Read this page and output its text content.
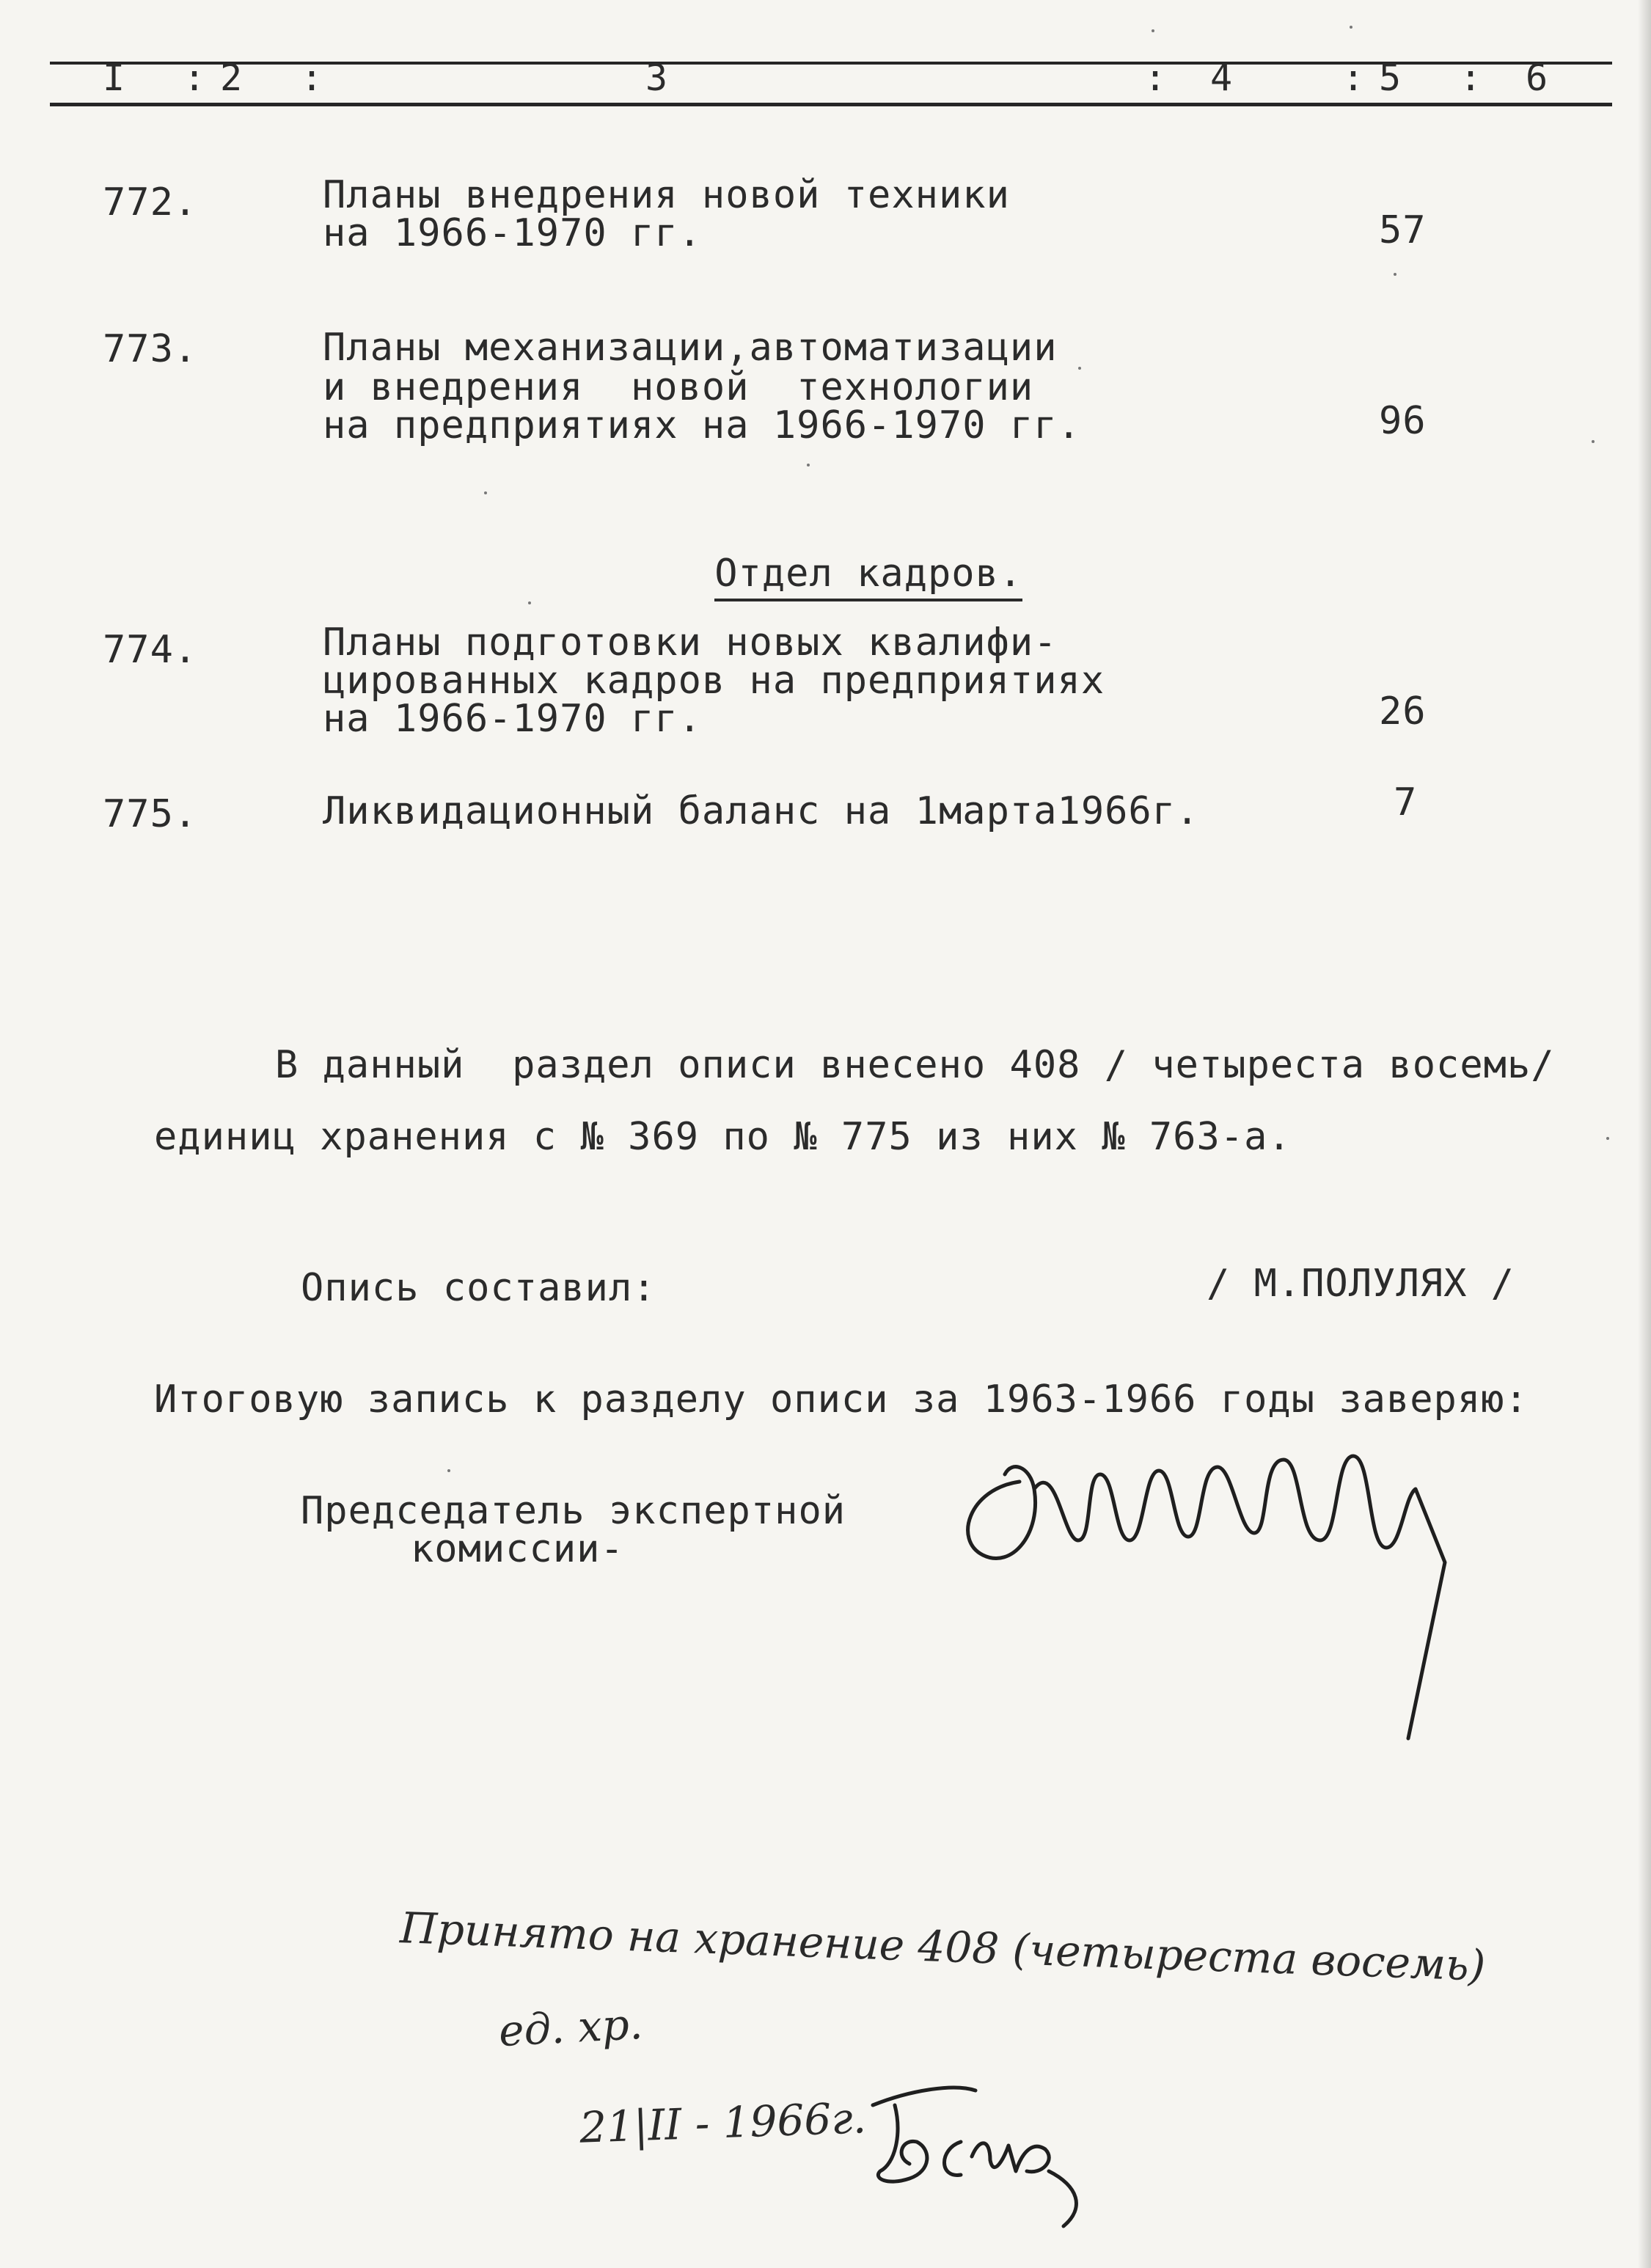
I : 2 :	3	: 4	: 5 : 6
772.	Планы внедрения новой техники
на 1966-1970 гг.	57
773.	Планы механизации,автоматизации
и внедрения  новой  технологии
на предприятиях на 1966-1970 гг.	96

Отдел кадров.

774.	Планы подготовки новых квалифи-
цированных кадров на предприятиях
на 1966-1970 гг.	26
775.	Ликвидационный баланс на 1марта1966г.	7
В данный  раздел описи внесено 408 / четыреста восемь/
единиц хранения с № 369 по № 775 из них № 763-а.
Опись составил:	/ М.ПОЛУЛЯХ /
Итоговую запись к разделу описи за 1963-1966 годы заверяю:
Председатель экспертной
комиссии-
Принято на хранение 408 (четыреста восемь)
ед. хр.
21|II - 1966г.
